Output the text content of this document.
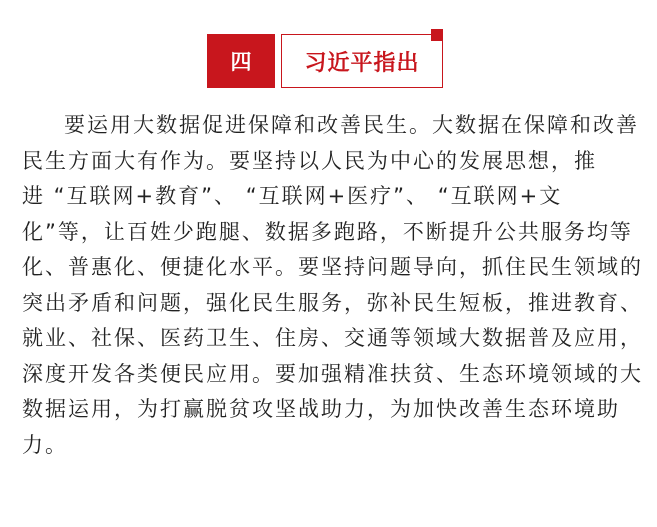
四	习近平指出

要运用大数据促进保障和改善民生。大数据在保障和改善
民生方面大有作为。要坚持以人民为中心的发展思想，推
进 “互联网+教育”、 “互联网+医疗”、 “互联网+文
化”等，让百姓少跑腿、数据多跑路，不断提升公共服务均等
化、普惠化、便捷化水平。要坚持问题导向，抓住民生领域的
突出矛盾和问题，强化民生服务，弥补民生短板，推进教育、
就业、社保、医药卫生、住房、交通等领域大数据普及应用，
深度开发各类便民应用。要加强精准扶贫、生态环境领域的大
数据运用，为打赢脱贫攻坚战助力，为加快改善生态环境助
力。
